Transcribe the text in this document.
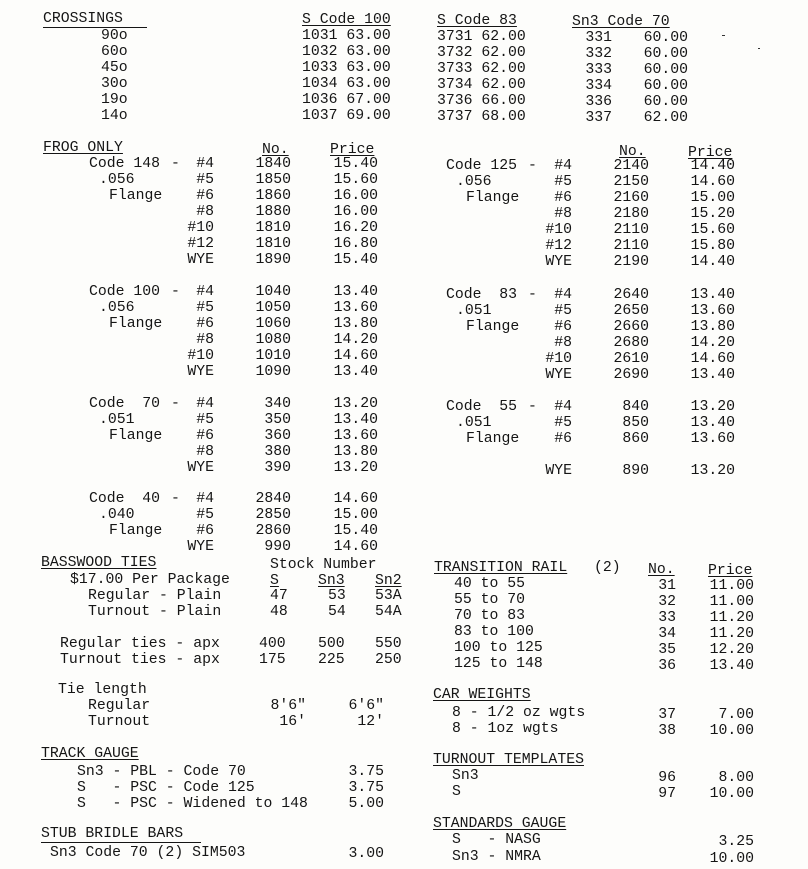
CROSSINGS	S Code 100	S Code 83	Sn3 Code 70
90o	1031 63.00	3731 62.00	331	60.00
60o	1032 63.00	3732 62.00	332	60.00
45o	1033 63.00	3733 62.00	333	60.00
30o	1034 63.00	3734 62.00	334	60.00
19o	1036 67.00	3736 66.00	336	60.00
14o	1037 69.00	3737 68.00	337	62.00
FROG ONLY	No.	Price	No.	Price
Code 148 -
.056
Flange
#4	1840	15.40
#5	1850	15.60
#6	1860	16.00
#8	1880	16.00
#10	1810	16.20
#12	1810	16.80
WYE	1890	15.40
Code 100 -
.056
Flange
#4	1040	13.40
#5	1050	13.60
#6	1060	13.80
#8	1080	14.20
#10	1010	14.60
WYE	1090	13.40
Code  70 -
.051
Flange
#4	340	13.20
#5	350	13.40
#6	360	13.60
#8	380	13.80
WYE	390	13.20
Code  40 -
.040
Flange
#4	2840	14.60
#5	2850	15.00
#6	2860	15.40
WYE	990	14.60
Code 125 -
.056
Flange
#4	2140	14.40
#5	2150	14.60
#6	2160	15.00
#8	2180	15.20
#10	2110	15.60
#12	2110	15.80
WYE	2190	14.40
Code  83 -
.051
Flange
#4	2640	13.40
#5	2650	13.60
#6	2660	13.80
#8	2680	14.20
#10	2610	14.60
WYE	2690	13.40
Code  55 -
.051
Flange
#4	840	13.20
#5	850	13.40
#6	860	13.60
WYE	890	13.20
BASSWOOD TIES	Stock Number
$17.00 Per Package	S	Sn3 Sn2
Regular - Plain	47	53 53A
Turnout - Plain	48	54 54A
Regular ties - apx	400 500 550
Turnout ties - apx	175 225 250
Tie length
Regular	8'6"	6'6"
Turnout	16'	12'
TRACK GAUGE
Sn3 - PBL - Code 70	3.75
S   - PSC - Code 125	3.75
S   - PSC - Widened to 148	5.00
STUB BRIDLE BARS
Sn3 Code 70 (2) SIM503	3.00
TRANSITION RAIL (2) No. Price
40 to 55	31	11.00
55 to 70	32	11.00
70 to 83	33	11.20
83 to 100	34	11.20
100 to 125	35	12.20
125 to 148	36	13.40
CAR WEIGHTS
8 - 1/2 oz wgts	37	7.00
8 - 1oz wgts	38	10.00
TURNOUT TEMPLATES
Sn3	96	8.00
S	97	10.00
STANDARDS GAUGE
S   - NASG	3.25
Sn3 - NMRA	10.00
